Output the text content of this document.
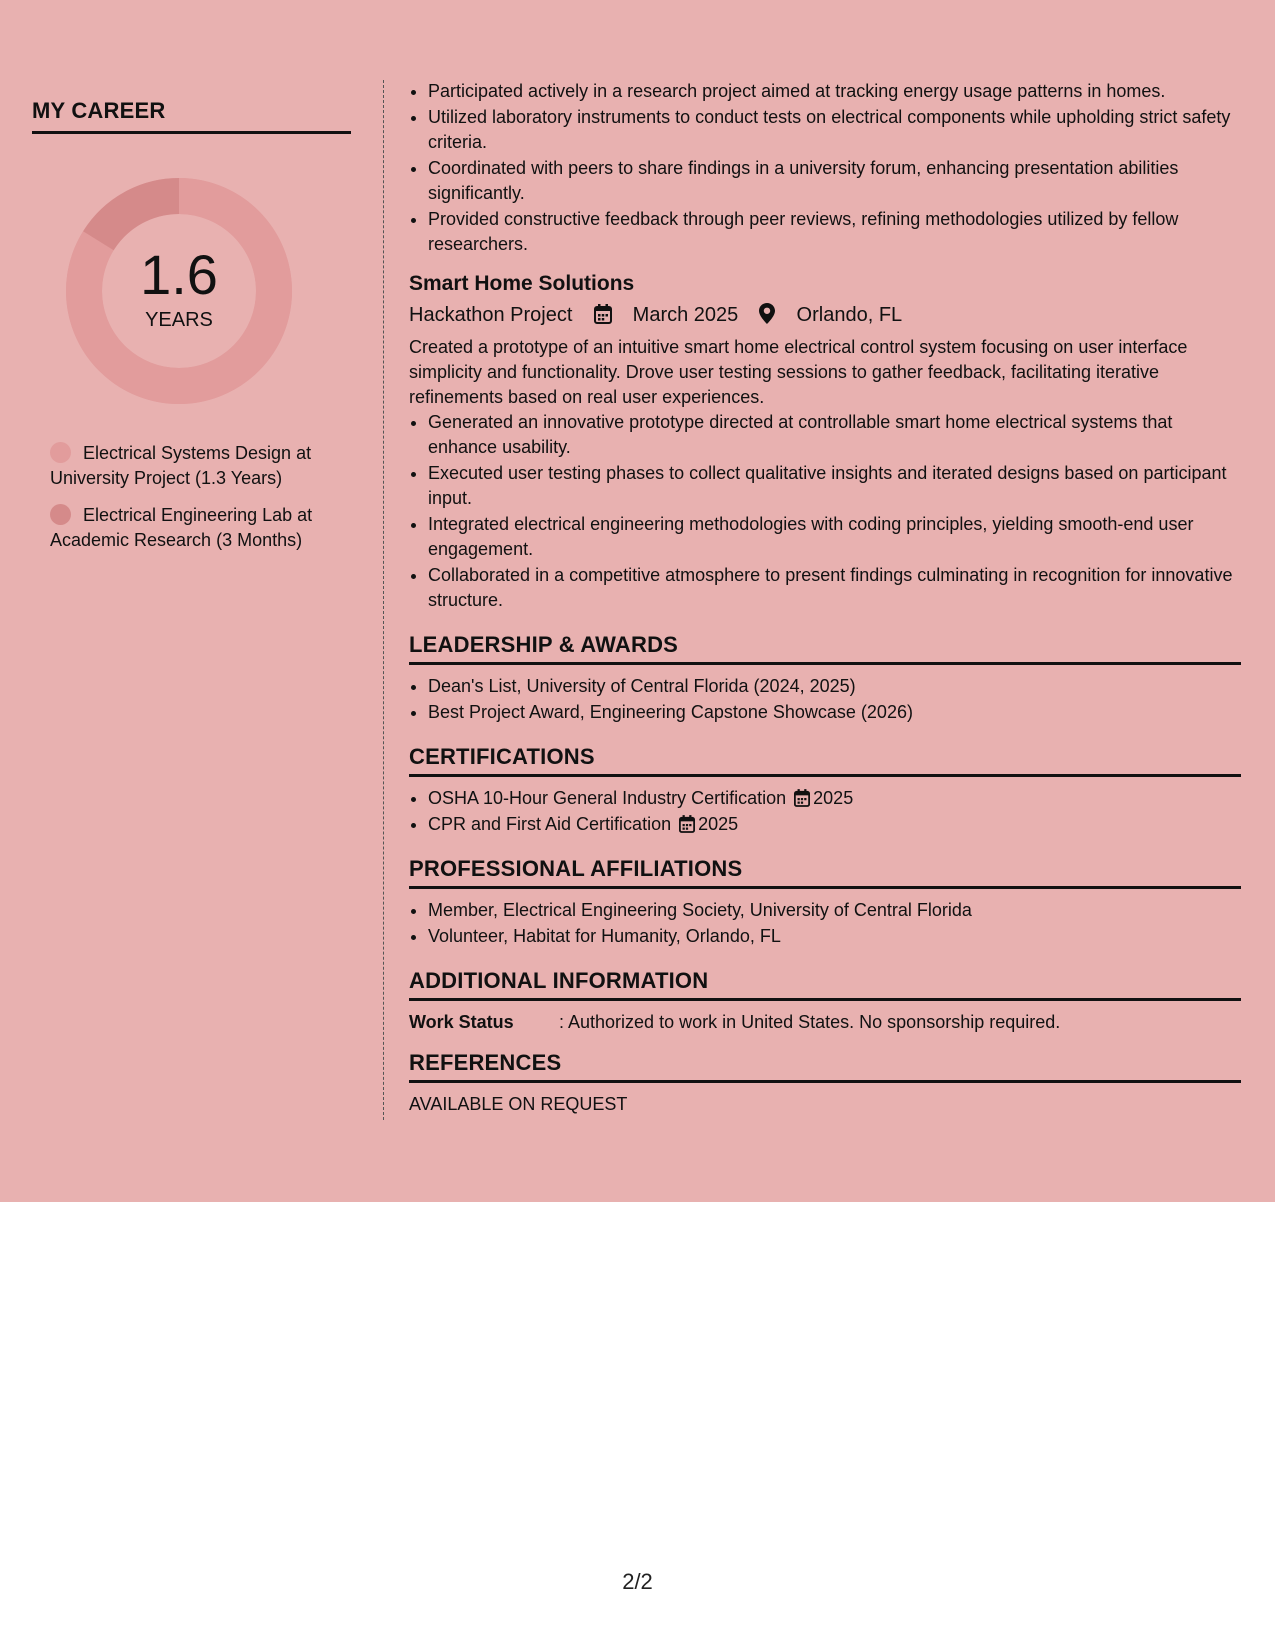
MY CAREER
1.6
YEARS
Electrical Systems Design at University Project (1.3 Years)
Electrical Engineering Lab at Academic Research (3 Months)
• Participated actively in a research project aimed at tracking energy usage patterns in homes.
• Utilized laboratory instruments to conduct tests on electrical components while upholding strict safety criteria.
• Coordinated with peers to share findings in a university forum, enhancing presentation abilities significantly.
• Provided constructive feedback through peer reviews, refining methodologies utilized by fellow researchers.
Smart Home Solutions
Hackathon Project	March 2025	Orlando, FL
Created a prototype of an intuitive smart home electrical control system focusing on user interface simplicity and functionality. Drove user testing sessions to gather feedback, facilitating iterative refinements based on real user experiences.
• Generated an innovative prototype directed at controllable smart home electrical systems that enhance usability.
• Executed user testing phases to collect qualitative insights and iterated designs based on participant input.
• Integrated electrical engineering methodologies with coding principles, yielding smooth-end user engagement.
• Collaborated in a competitive atmosphere to present findings culminating in recognition for innovative structure.
LEADERSHIP & AWARDS
• Dean's List, University of Central Florida (2024, 2025)
• Best Project Award, Engineering Capstone Showcase (2026)
CERTIFICATIONS
• OSHA 10-Hour General Industry Certification 2025
• CPR and First Aid Certification 2025
PROFESSIONAL AFFILIATIONS
• Member, Electrical Engineering Society, University of Central Florida
• Volunteer, Habitat for Humanity, Orlando, FL
ADDITIONAL INFORMATION
Work Status	: Authorized to work in United States. No sponsorship required.
REFERENCES
AVAILABLE ON REQUEST
2/2
